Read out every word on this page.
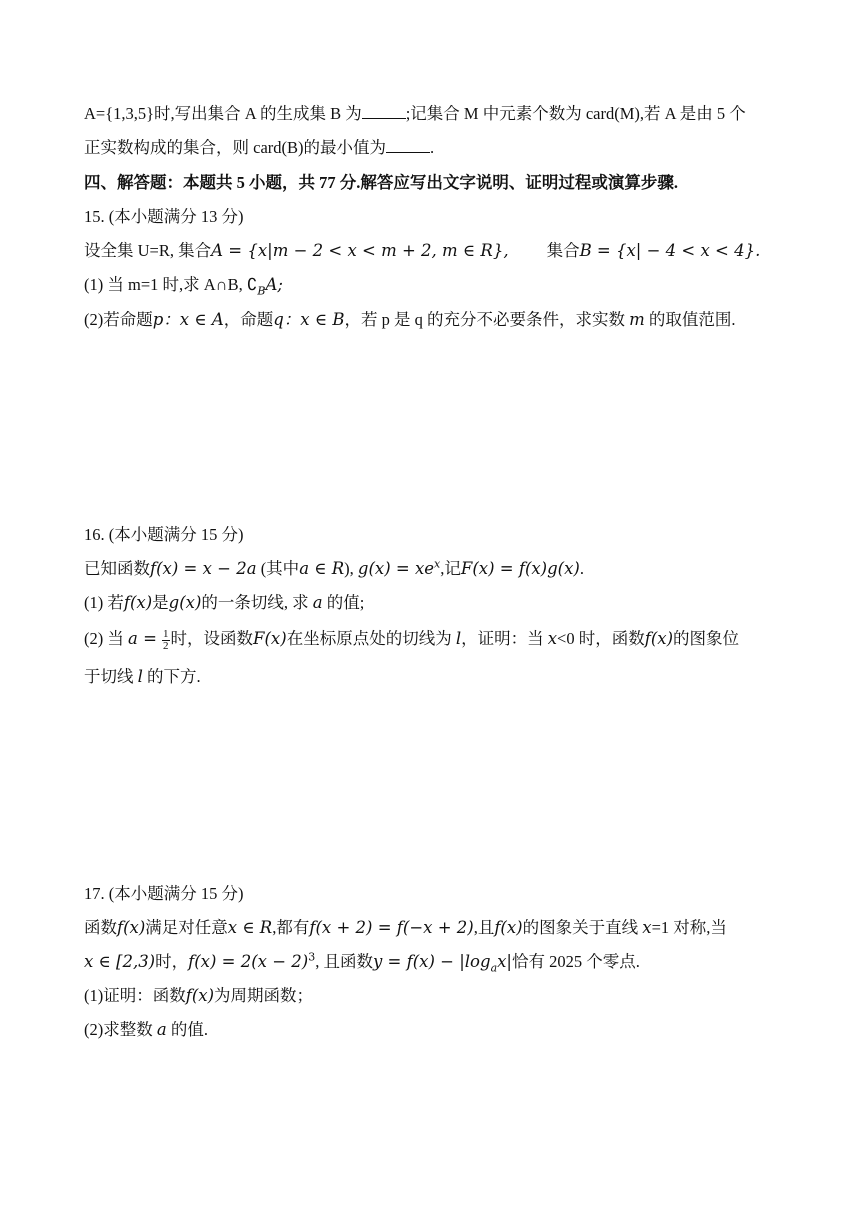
A={1,3,5}时,写出集合 A 的生成集 B 为	;记集合 M 中元素个数为 card(M),若 A 是由 5 个
正实数构成的集合，则 card(B)的最小值为	.
四、解答题：本题共 5 小题，共 77 分.解答应写出文字说明、证明过程或演算步骤.
15. (本小题满分 13 分)
设全集 U=R, 集合A = {x|m − 2 < x < m + 2, m ∈ R}, 集合B = {x| − 4 < x < 4}.
(1) 当 m=1 时,求 A∩B, $∁_BA$;
(2)若命题p：x ∈ A，命题q：x ∈ B，若 p 是 q 的充分不必要条件，求实数 m 的取值范围.
16. (本小题满分 15 分)
已知函数f(x) = x − 2a (其中a ∈ R), $g(x) = xe^x$,记F(x) = f(x)g(x).
(1) 若f(x)是g(x)的一条切线, 求 a 的值;
(2) 当 $a = \frac{1}{2}$ 时，设函数F(x)在坐标原点处的切线为 l，证明：当 x<0 时，函数f(x)的图象位
于切线 l 的下方.
17. (本小题满分 15 分)
函数f(x)满足对任意x ∈ R,都有f(x + 2) = f(−x + 2),且f(x)的图象关于直线 x=1 对称,当
x ∈ [2,3)时，$f(x) = 2(x - 2)^3$, 且函数$y = f(x) - |\log_ax|$恰有 2025 个零点.
(1)证明：函数f(x)为周期函数；
(2)求整数 a 的值.
